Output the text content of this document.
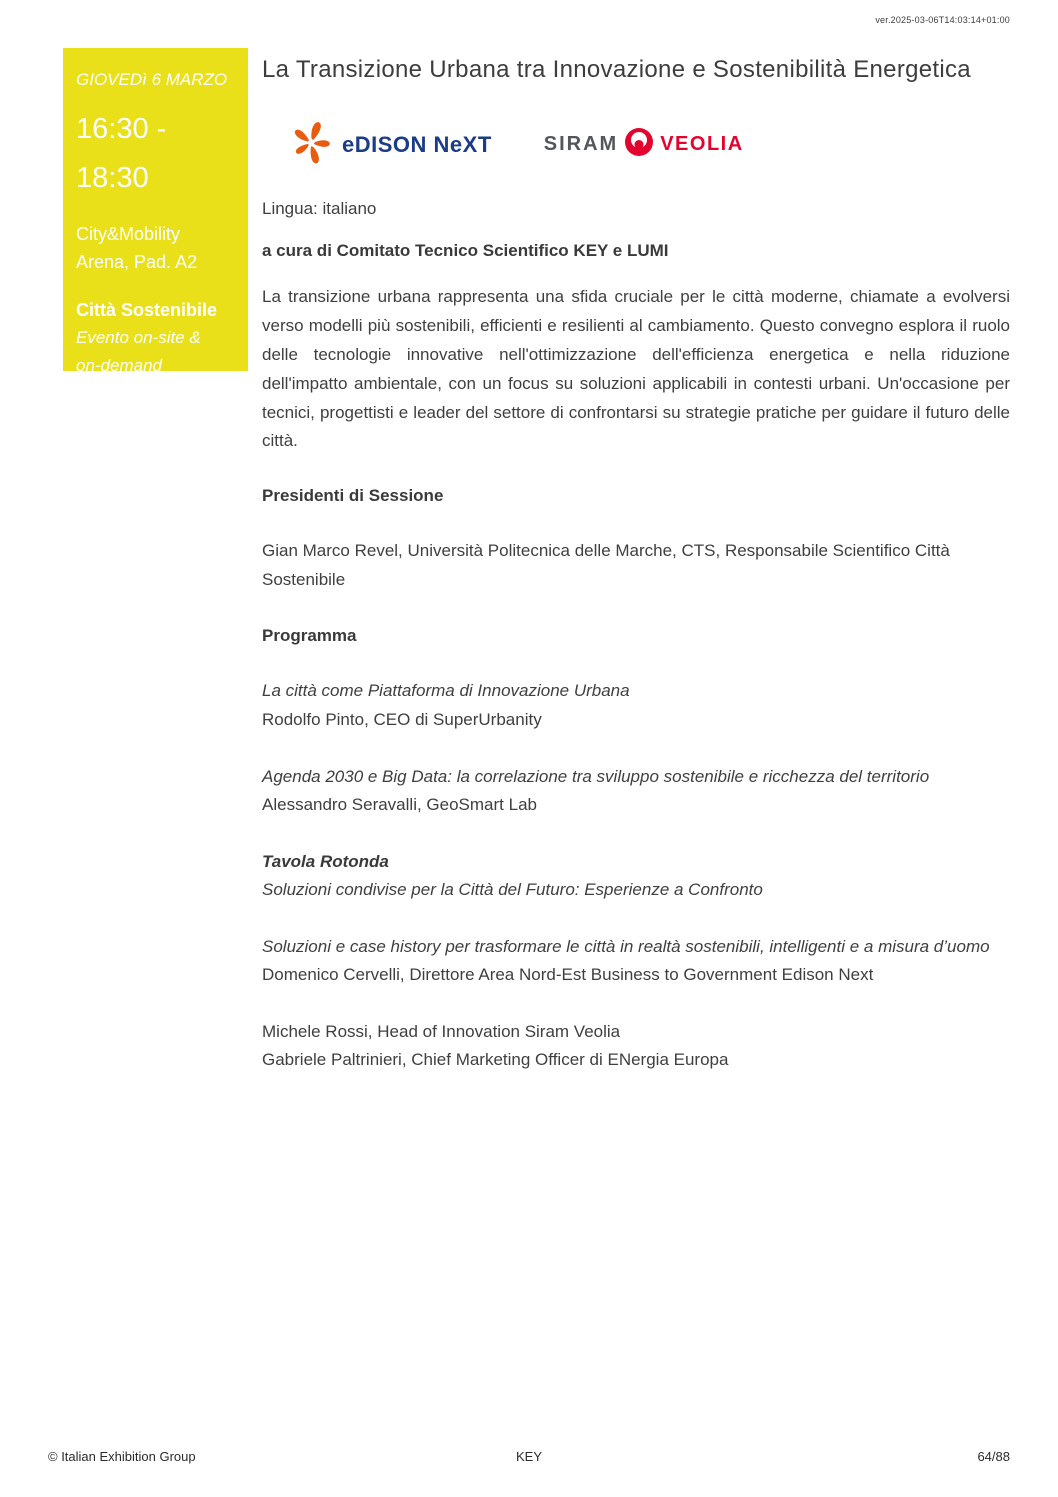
ver.2025-03-06T14:03:14+01:00
GIOVEDì 6 MARZO
16:30 -
18:30
City&Mobility
Arena, Pad. A2
Città Sostenibile
Evento on-site &
on-demand
Clicca qui
La Transizione Urbana tra Innovazione e Sostenibilità Energetica
eDISON NeXT	SIRAM VEOLIA

Lingua: italiano

a cura di Comitato Tecnico Scientifico KEY e LUMI

La transizione urbana rappresenta una sfida cruciale per le città moderne, chiamate a evolversi verso modelli più sostenibili, efficienti e resilienti al cambiamento. Questo convegno esplora il ruolo delle tecnologie innovative nell'ottimizzazione dell'efficienza energetica e nella riduzione dell'impatto ambientale, con un focus su soluzioni applicabili in contesti urbani. Un'occasione per tecnici, progettisti e leader del settore di confrontarsi su strategie pratiche per guidare il futuro delle città.

Presidenti di Sessione

Gian Marco Revel, Università Politecnica delle Marche, CTS, Responsabile Scientifico Città Sostenibile

Programma
La città come Piattaforma di Innovazione Urbana
Rodolfo Pinto, CEO di SuperUrbanity
Agenda 2030 e Big Data: la correlazione tra sviluppo sostenibile e ricchezza del territorio
Alessandro Seravalli, GeoSmart Lab
Tavola Rotonda
Soluzioni condivise per la Città del Futuro: Esperienze a Confronto
Soluzioni e case history per trasformare le città in realtà sostenibili, intelligenti e a misura d’uomo
Domenico Cervelli, Direttore Area Nord-Est Business to Government Edison Next
Michele Rossi, Head of Innovation Siram Veolia
Gabriele Paltrinieri, Chief Marketing Officer di ENergia Europa
© Italian Exhibition Group	KEY	64/88
